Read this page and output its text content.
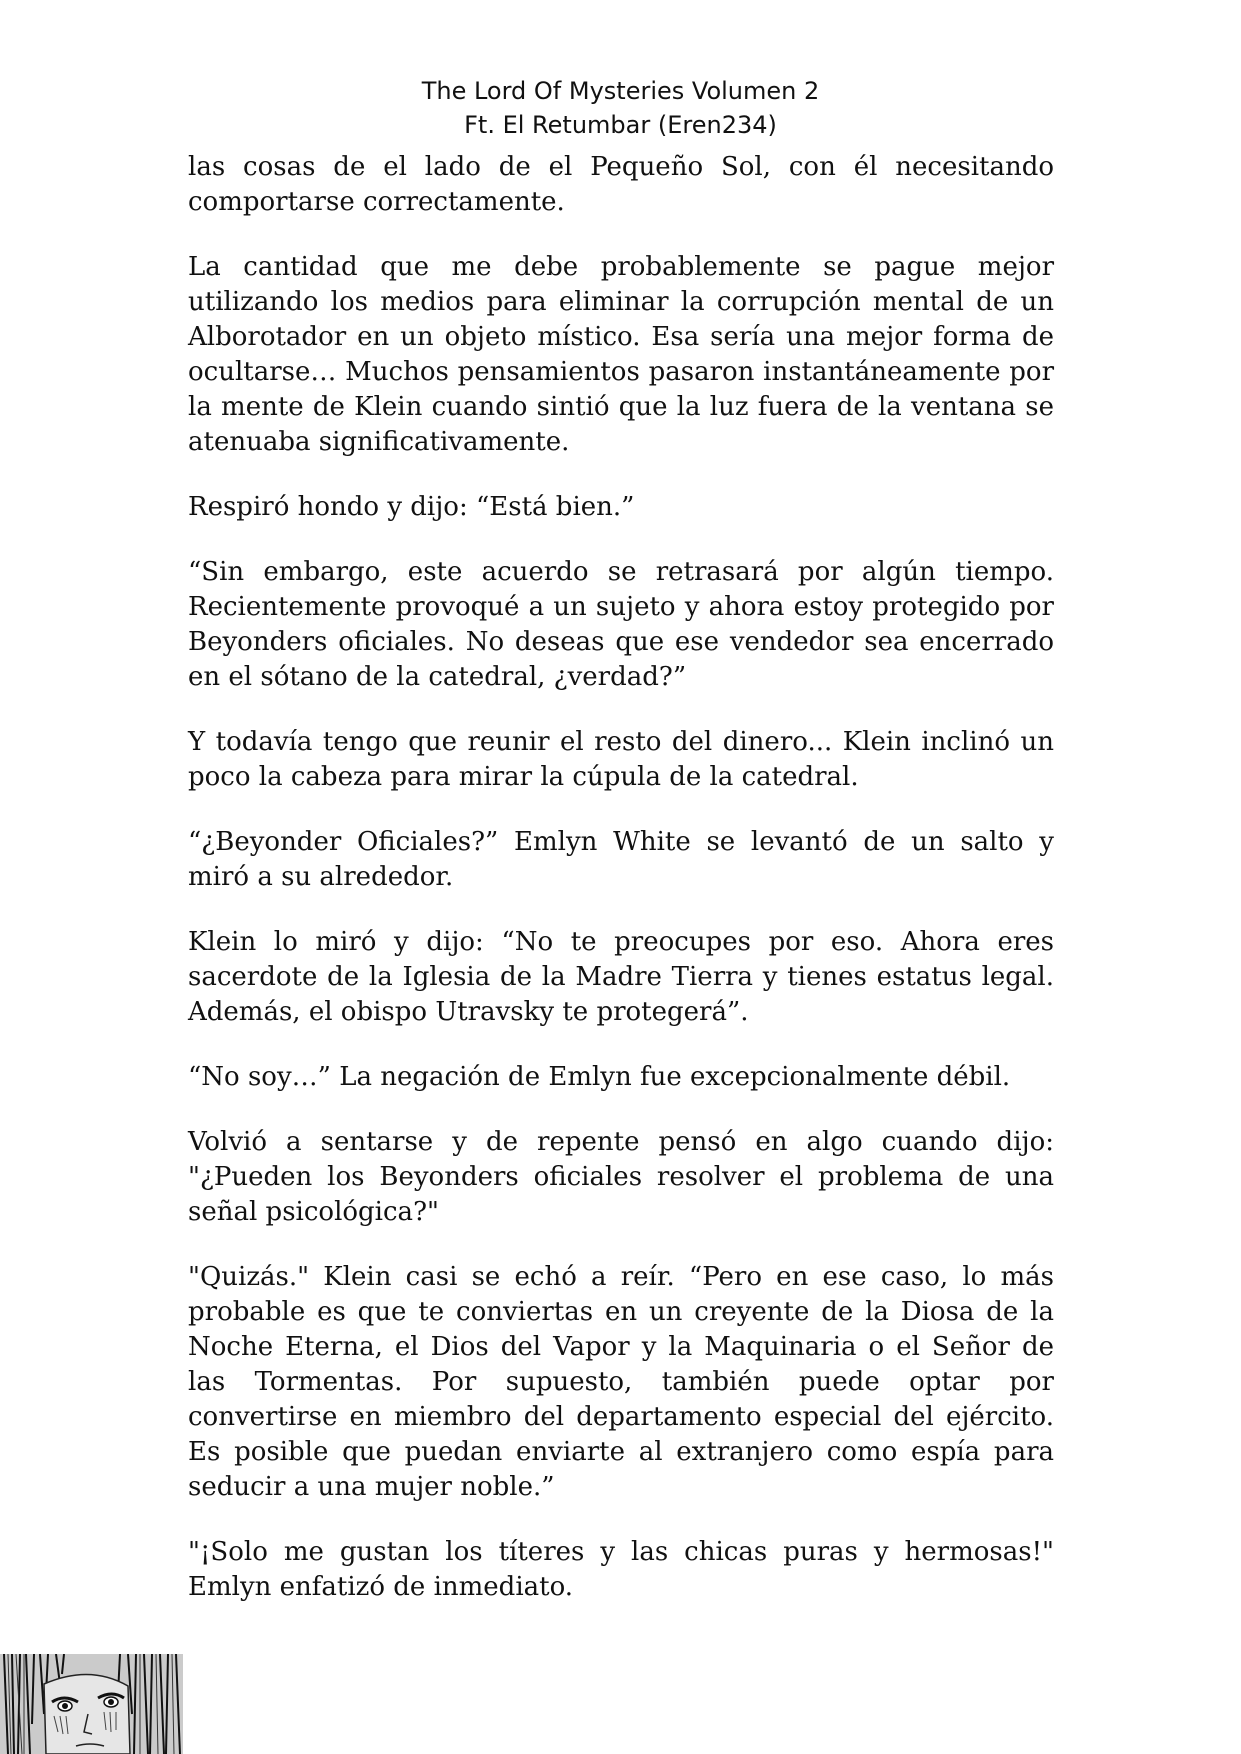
The Lord Of Mysteries Volumen 2
Ft. El Retumbar (Eren234)

las cosas de el lado de el Pequeño Sol, con él necesitando comportarse correctamente.

La cantidad que me debe probablemente se pague mejor utilizando los medios para eliminar la corrupción mental de un Alborotador en un objeto místico. Esa sería una mejor forma de ocultarse… Muchos pensamientos pasaron instantáneamente por la mente de Klein cuando sintió que la luz fuera de la ventana se atenuaba significativamente.

Respiró hondo y dijo: “Está bien.”

“Sin embargo, este acuerdo se retrasará por algún tiempo. Recientemente provoqué a un sujeto y ahora estoy protegido por Beyonders oficiales. No deseas que ese vendedor sea encerrado en el sótano de la catedral, ¿verdad?”

Y todavía tengo que reunir el resto del dinero... Klein inclinó un poco la cabeza para mirar la cúpula de la catedral.

“¿Beyonder Oficiales?” Emlyn White se levantó de un salto y miró a su alrededor.

Klein lo miró y dijo: “No te preocupes por eso. Ahora eres sacerdote de la Iglesia de la Madre Tierra y tienes estatus legal. Además, el obispo Utravsky te protegerá”.

“No soy…” La negación de Emlyn fue excepcionalmente débil.

Volvió a sentarse y de repente pensó en algo cuando dijo: "¿Pueden los Beyonders oficiales resolver el problema de una señal psicológica?"

"Quizás." Klein casi se echó a reír. “Pero en ese caso, lo más probable es que te conviertas en un creyente de la Diosa de la Noche Eterna, el Dios del Vapor y la Maquinaria o el Señor de las Tormentas. Por supuesto, también puede optar por convertirse en miembro del departamento especial del ejército. Es posible que puedan enviarte al extranjero como espía para seducir a una mujer noble.”

"¡Solo me gustan los títeres y las chicas puras y hermosas!" Emlyn enfatizó de inmediato.
